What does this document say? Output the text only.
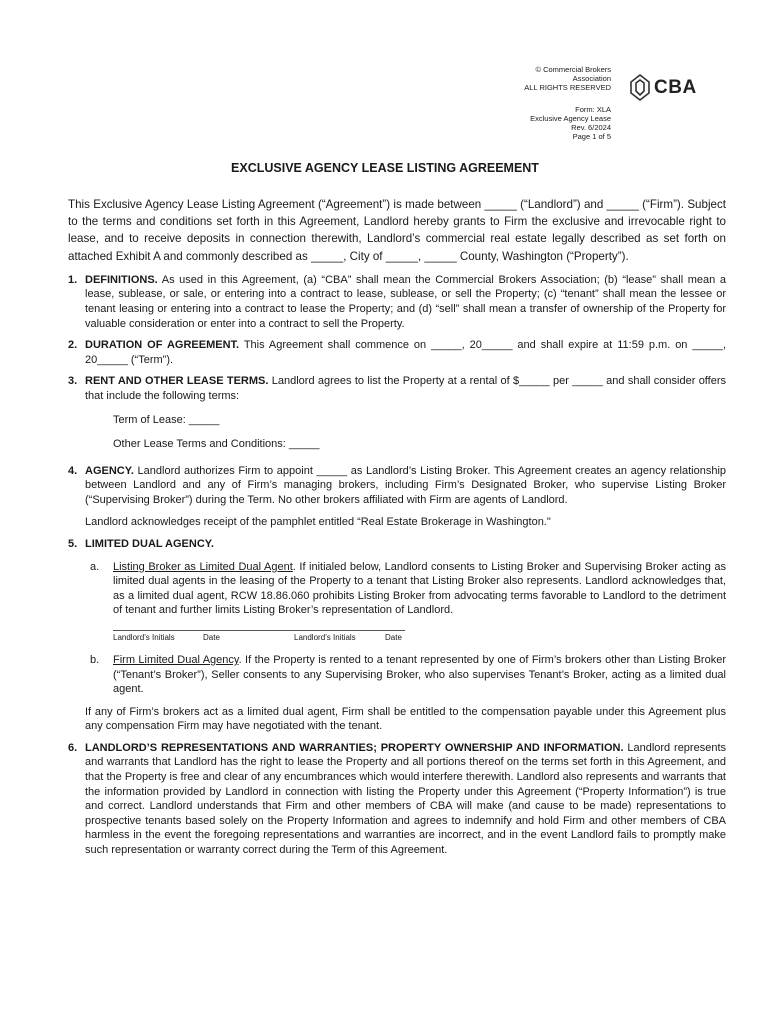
© Commercial Brokers
Association
ALL RIGHTS RESERVED
Form: XLA
Exclusive Agency Lease
Rev. 6/2024
Page 1 of 5
CBA
EXCLUSIVE AGENCY LEASE LISTING AGREEMENT

This Exclusive Agency Lease Listing Agreement (“Agreement”) is made between _____ (“Landlord”) and _____ (“Firm”). Subject to the terms and conditions set forth in this Agreement, Landlord hereby grants to Firm the exclusive and irrevocable right to lease, and to receive deposits in connection therewith, Landlord’s commercial real estate legally described as set forth on attached Exhibit A and commonly described as _____, City of _____, _____ County, Washington (“Property”).

1. DEFINITIONS. As used in this Agreement, (a) “CBA” shall mean the Commercial Brokers Association; (b) “lease” shall mean a lease, sublease, or sale, or entering into a contract to lease, sublease, or sell the Property; (c) “tenant” shall mean the lessee or tenant leasing or entering into a contract to lease the Property; and (d) “sell” shall mean a transfer of ownership of the Property for valuable consideration or enter into a contract to sell the Property.

2. DURATION OF AGREEMENT. This Agreement shall commence on _____, 20_____ and shall expire at 11:59 p.m. on _____, 20_____ (“Term”).

3. RENT AND OTHER LEASE TERMS. Landlord agrees to list the Property at a rental of $_____ per _____ and shall consider offers that include the following terms:

Term of Lease: _____
Other Lease Terms and Conditions: _____
4. AGENCY. Landlord authorizes Firm to appoint _____ as Landlord’s Listing Broker. This Agreement creates an agency relationship between Landlord and any of Firm’s managing brokers, including Firm’s Designated Broker, who supervise Listing Broker (“Supervising Broker”) during the Term. No other brokers affiliated with Firm are agents of Landlord.

Landlord acknowledges receipt of the pamphlet entitled “Real Estate Brokerage in Washington."

5. LIMITED DUAL AGENCY.

a. Listing Broker as Limited Dual Agent. If initialed below, Landlord consents to Listing Broker and Supervising Broker acting as limited dual agents in the leasing of the Property to a tenant that Listing Broker also represents. Landlord acknowledges that, as a limited dual agent, RCW 18.86.060 prohibits Listing Broker from advocating terms favorable to Landlord to the detriment of tenant and further limits Listing Broker’s representation of Landlord.
Landlord’s Initials	Date	Landlord’s Initials	Date
b. Firm Limited Dual Agency. If the Property is rented to a tenant represented by one of Firm’s brokers other than Listing Broker (“Tenant’s Broker”), Seller consents to any Supervising Broker, who also supervises Tenant’s Broker, acting as a limited dual agent.

If any of Firm’s brokers act as a limited dual agent, Firm shall be entitled to the compensation payable under this Agreement plus any compensation Firm may have negotiated with the tenant.

6. LANDLORD’S REPRESENTATIONS AND WARRANTIES; PROPERTY OWNERSHIP AND INFORMATION. Landlord represents and warrants that Landlord has the right to lease the Property and all portions thereof on the terms set forth in this Agreement, and that the Property is free and clear of any encumbrances which would interfere therewith. Landlord also represents and warrants that the information provided by Landlord in connection with listing the Property under this Agreement (“Property Information”) is true and correct. Landlord understands that Firm and other members of CBA will make (and cause to be made) representations to prospective tenants based solely on the Property Information and agrees to indemnify and hold Firm and other members of CBA harmless in the event the foregoing representations and warranties are incorrect, and in the event Landlord fails to promptly make such representation or warranty correct during the Term of this Agreement.
